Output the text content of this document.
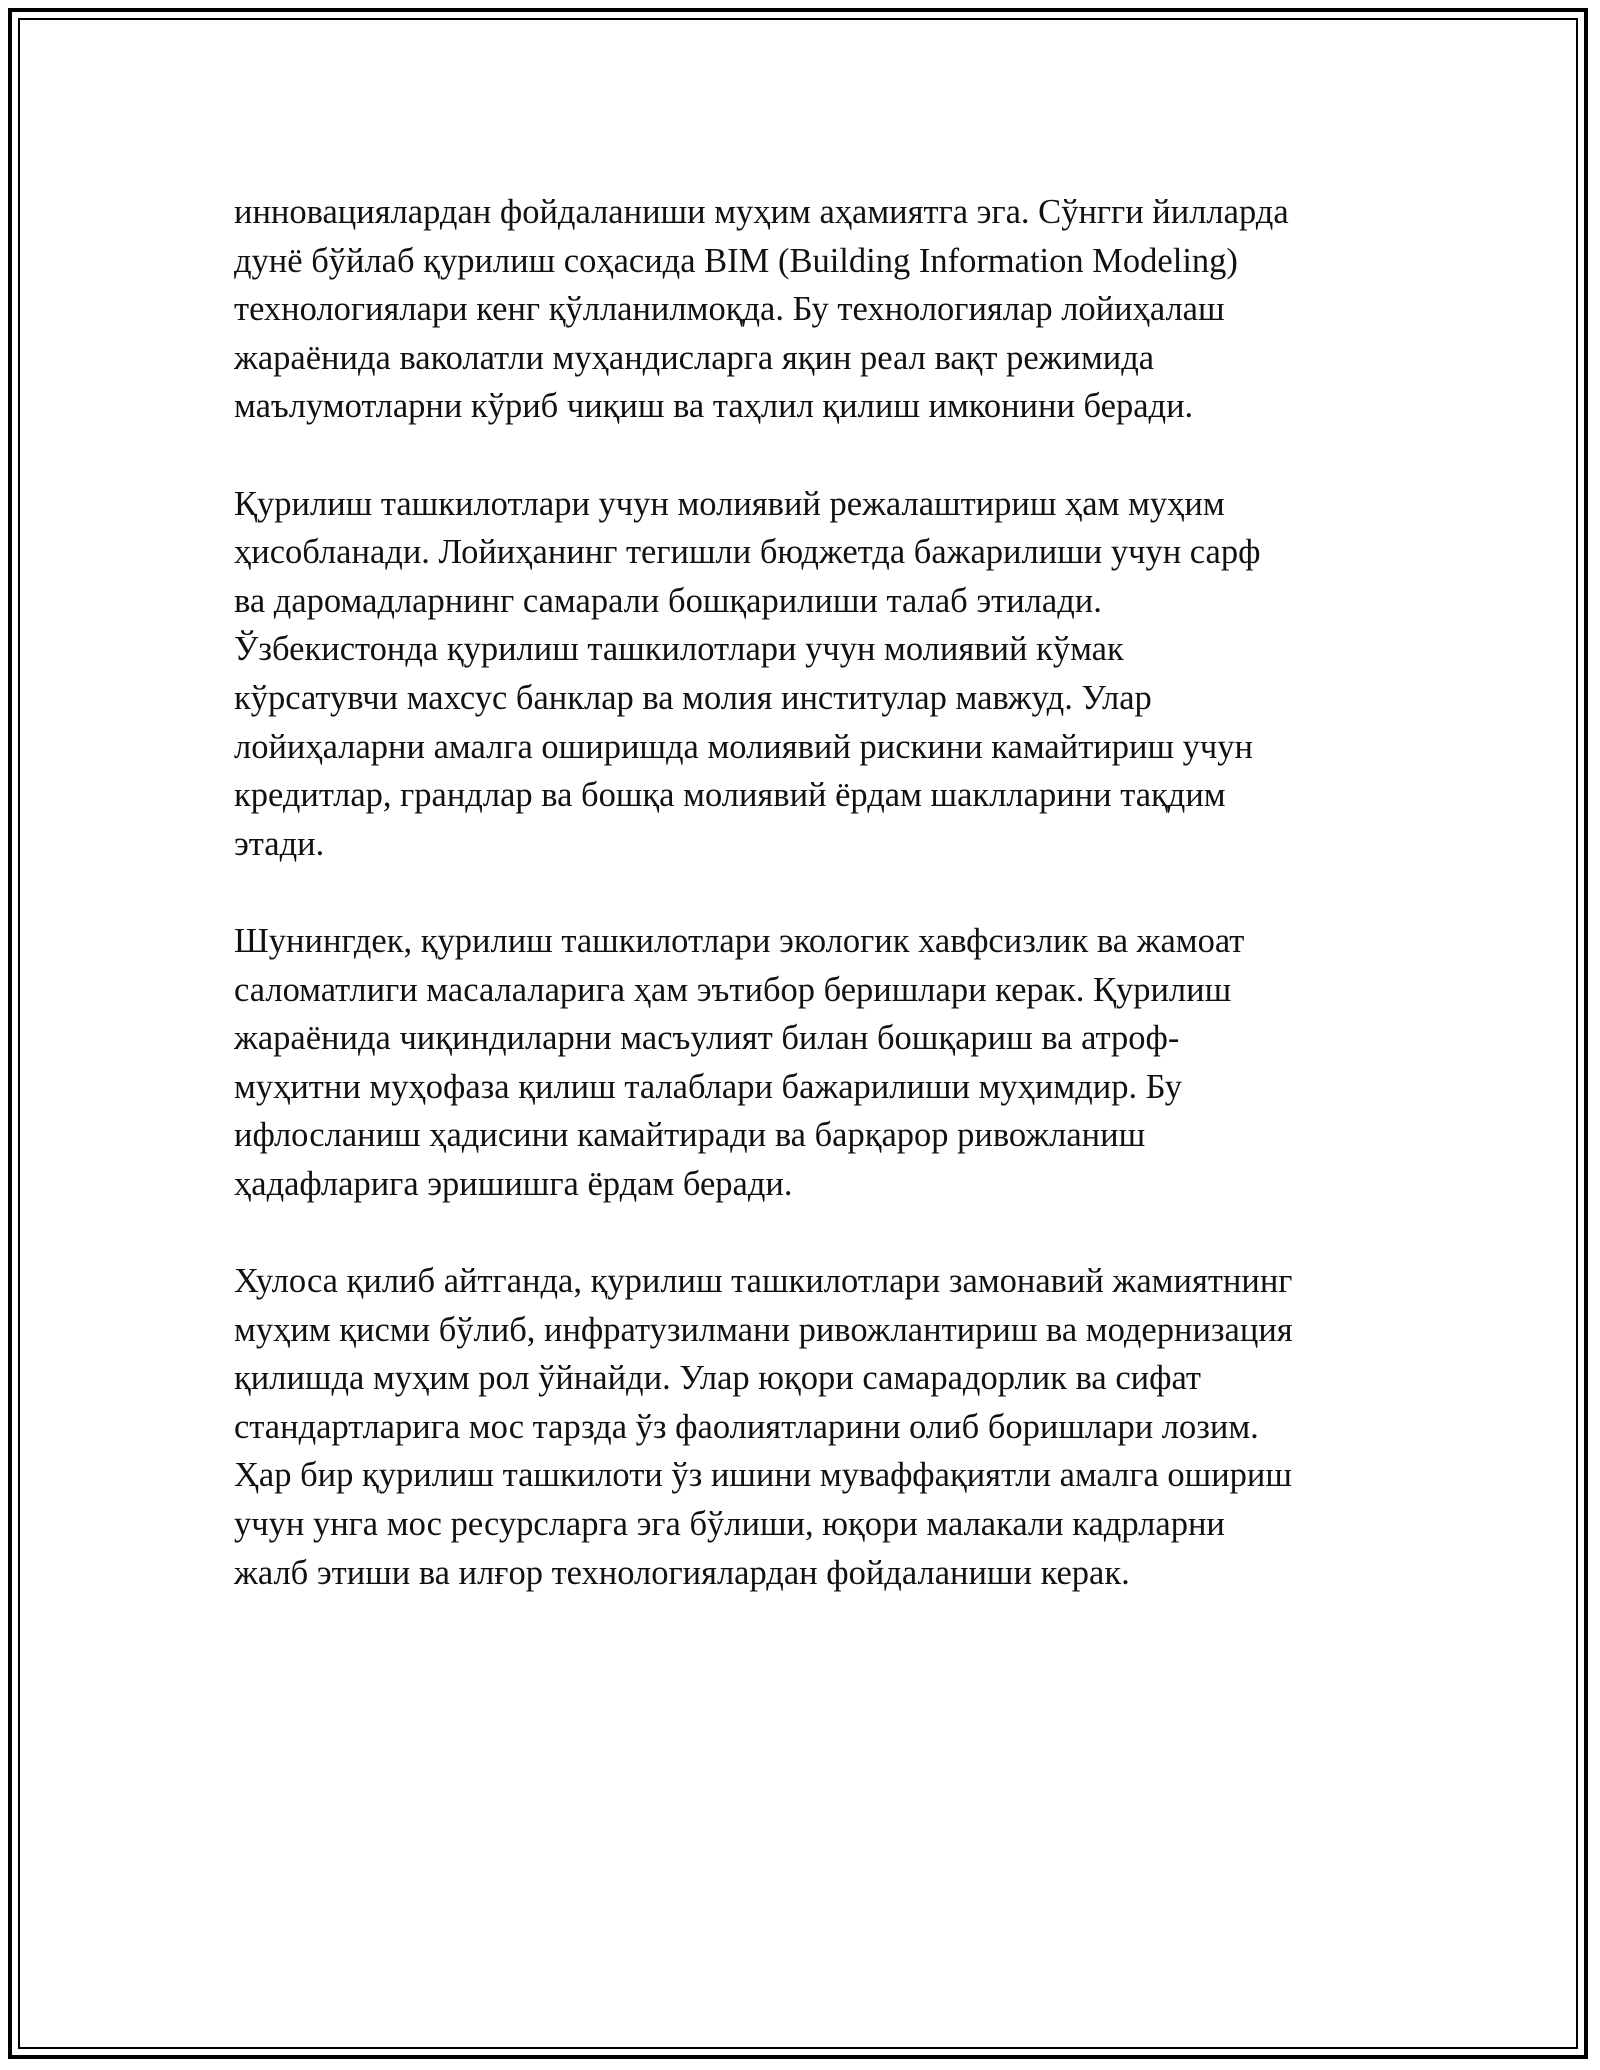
инновациялардан фойдаланиши муҳим аҳамиятга эга. Сўнгги йилларда
дунё бўйлаб қурилиш соҳасида BIM (Building Information Modeling)
технологиялари кенг қўлланилмоқда. Бу технологиялар лойиҳалаш
жараёнида ваколатли муҳандисларга яқин реал вақт режимида
маълумотларни кўриб чиқиш ва таҳлил қилиш имконини беради.
Қурилиш ташкилотлари учун молиявий режалаштириш ҳам муҳим
ҳисобланади. Лойиҳанинг тегишли бюджетда бажарилиши учун сарф
ва даромадларнинг самарали бошқарилиши талаб этилади.
Ўзбекистонда қурилиш ташкилотлари учун молиявий кўмак
кўрсатувчи махсус банклар ва молия институлар мавжуд. Улар
лойиҳаларни амалга оширишда молиявий рискини камайтириш учун
кредитлар, грандлар ва бошқа молиявий ёрдам шаклларини тақдим
этади.
Шунингдек, қурилиш ташкилотлари экологик хавфсизлик ва жамоат
саломатлиги масалаларига ҳам эътибор беришлари керак. Қурилиш
жараёнида чиқиндиларни масъулият билан бошқариш ва атроф-
муҳитни муҳофаза қилиш талаблари бажарилиши муҳимдир. Бу
ифлосланиш ҳадисини камайтиради ва барқарор ривожланиш
ҳадафларига эришишга ёрдам беради.
Хулоса қилиб айтганда, қурилиш ташкилотлари замонавий жамиятнинг
муҳим қисми бўлиб, инфратузилмани ривожлантириш ва модернизация
қилишда муҳим рол ўйнайди. Улар юқори самарадорлик ва сифат
стандартларига мос тарзда ўз фаолиятларини олиб боришлари лозим.
Ҳар бир қурилиш ташкилоти ўз ишини муваффақиятли амалга ошириш
учун унга мос ресурсларга эга бўлиши, юқори малакали кадрларни
жалб этиши ва илғор технологиялардан фойдаланиши керак.
